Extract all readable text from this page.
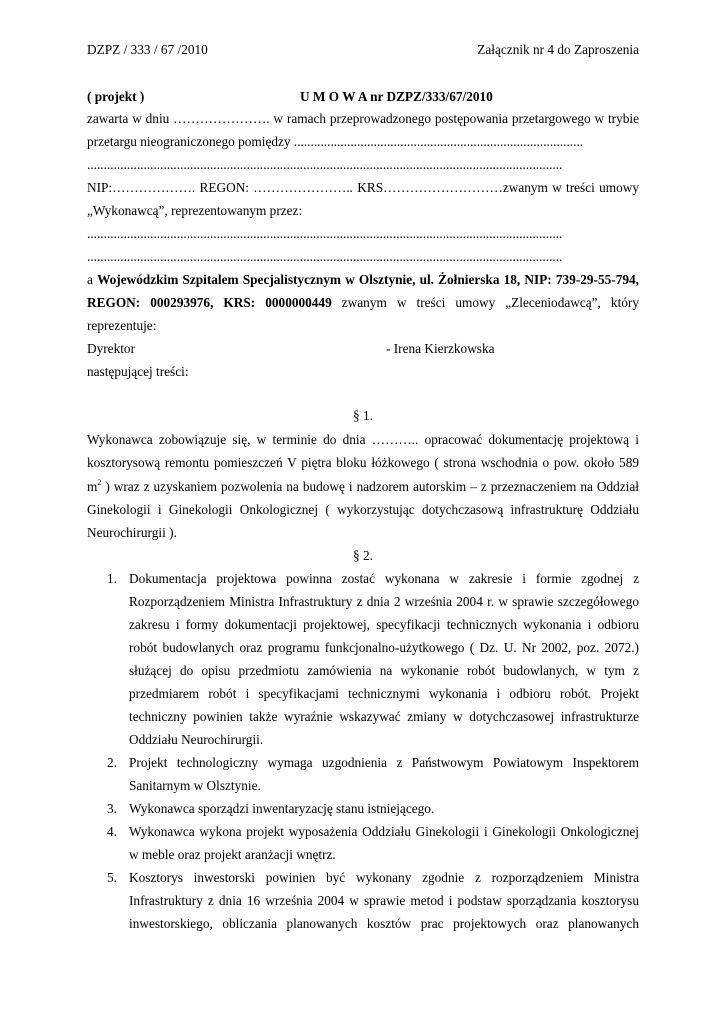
DZPZ / 333 / 67 /2010	Załącznik nr 4 do Zaproszenia
( projekt )	U M O W A nr DZPZ/333/67/2010
zawarta w dniu …………………. w ramach przeprowadzonego postępowania przetargowego w trybie
przetargu nieograniczonego pomiędzy .......................................................................................
...............................................................................................................................................
NIP:………………. REGON: ………………….. KRS………………………zwanym w treści umowy
„Wykonawcą”, reprezentowanym przez:
...............................................................................................................................................
...............................................................................................................................................
a Wojewódzkim Szpitalem Specjalistycznym w Olsztynie, ul. Żołnierska 18, NIP: 739-29-55-794,
REGON: 000293976, KRS: 0000000449 zwanym w treści umowy „Zleceniodawcą”, który
reprezentuje:
Dyrektor	- Irena Kierzkowska
następującej treści:
§ 1.
Wykonawca zobowiązuje się, w terminie do dnia ……….. opracować dokumentację projektową i
kosztorysową remontu pomieszczeń V piętra bloku łóżkowego ( strona wschodnia o pow. około 589
$m^2$ ) wraz z uzyskaniem pozwolenia na budowę i nadzorem autorskim – z przeznaczeniem na Oddział
Ginekologii i Ginekologii Onkologicznej ( wykorzystując dotychczasową infrastrukturę Oddziału
Neurochirurgii ).
§ 2.
1. Dokumentacja projektowa powinna zostać wykonana w zakresie i formie zgodnej z
Rozporządzeniem Ministra Infrastruktury z dnia 2 września 2004 r. w sprawie szczegółowego
zakresu i formy dokumentacji projektowej, specyfikacji technicznych wykonania i odbioru
robót budowlanych oraz programu funkcjonalno-użytkowego ( Dz. U. Nr 2002, poz. 2072.)
służącej do opisu przedmiotu zamówienia na wykonanie robót budowlanych, w tym z
przedmiarem robót i specyfikacjami technicznymi wykonania i odbioru robót. Projekt
techniczny powinien także wyraźnie wskazywać zmiany w dotychczasowej infrastrukturze
Oddziału Neurochirurgii.
2. Projekt technologiczny wymaga uzgodnienia z Państwowym Powiatowym Inspektorem
Sanitarnym w Olsztynie.
3. Wykonawca sporządzi inwentaryzację stanu istniejącego.
4. Wykonawca wykona projekt wyposażenia Oddziału Ginekologii i Ginekologii Onkologicznej
w meble oraz projekt aranżacji wnętrz.
5. Kosztorys inwestorski powinien być wykonany zgodnie z rozporządzeniem Ministra
Infrastruktury z dnia 16 września 2004 w sprawie metod i podstaw sporządzania kosztorysu
inwestorskiego, obliczania planowanych kosztów prac projektowych oraz planowanych
